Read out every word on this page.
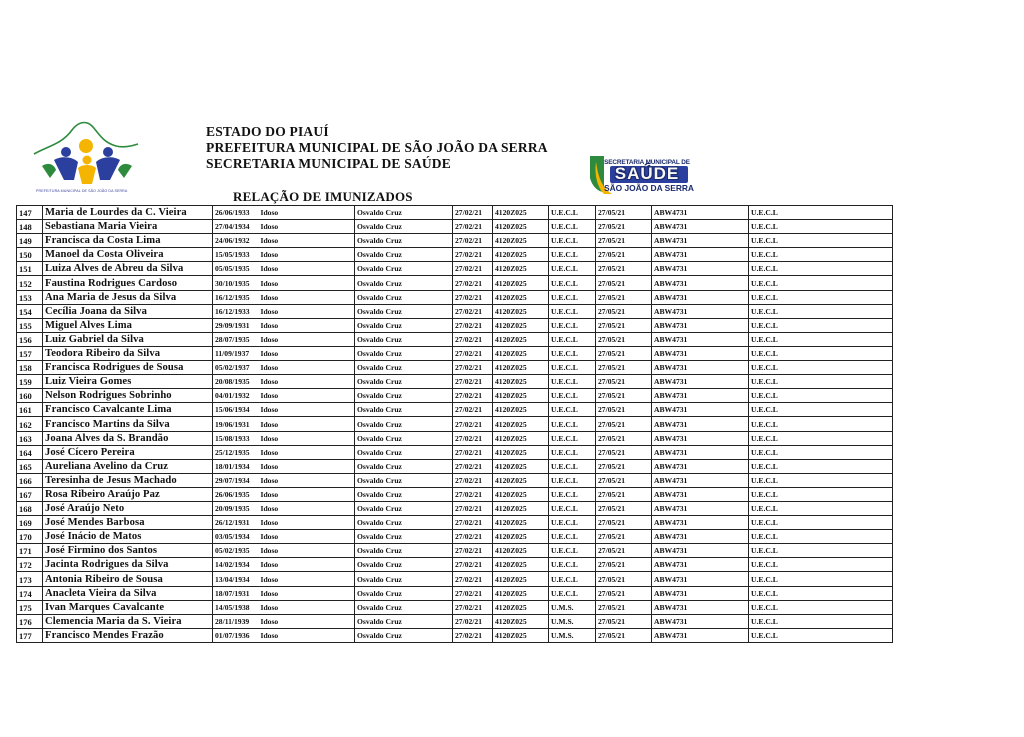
PREFEITURA MUNICIPAL DE SÃO JOÃO DA SERRA
ESTADO DO PIAUÍ
PREFEITURA MUNICIPAL DE SÃO JOÃO DA SERRA
SECRETARIA MUNICIPAL DE SAÚDE
RELAÇÃO DE IMUNIZADOS
SECRETARIA MUNICIPAL DE
SAÚDE
SÃO JOÃO DA SERRA
147	Maria de Lourdes da C. Vieira	26/06/1933	Idoso	Osvaldo Cruz	27/02/21	4120Z025	U.E.C.L	27/05/21	ABW4731	U.E.C.L
148	Sebastiana Maria Vieira	27/04/1934	Idoso	Osvaldo Cruz	27/02/21	4120Z025	U.E.C.L	27/05/21	ABW4731	U.E.C.L
149	Francisca da Costa Lima	24/06/1932	Idoso	Osvaldo Cruz	27/02/21	4120Z025	U.E.C.L	27/05/21	ABW4731	U.E.C.L
150	Manoel da Costa Oliveira	15/05/1933	Idoso	Osvaldo Cruz	27/02/21	4120Z025	U.E.C.L	27/05/21	ABW4731	U.E.C.L
151	Luiza Alves de Abreu da Silva	05/05/1935	Idoso	Osvaldo Cruz	27/02/21	4120Z025	U.E.C.L	27/05/21	ABW4731	U.E.C.L
152	Faustina Rodrigues Cardoso	30/10/1935	Idoso	Osvaldo Cruz	27/02/21	4120Z025	U.E.C.L	27/05/21	ABW4731	U.E.C.L
153	Ana Maria de Jesus da Silva	16/12/1935	Idoso	Osvaldo Cruz	27/02/21	4120Z025	U.E.C.L	27/05/21	ABW4731	U.E.C.L
154	Cecília Joana da Silva	16/12/1933	Idoso	Osvaldo Cruz	27/02/21	4120Z025	U.E.C.L	27/05/21	ABW4731	U.E.C.L
155	Miguel Alves Lima	29/09/1931	Idoso	Osvaldo Cruz	27/02/21	4120Z025	U.E.C.L	27/05/21	ABW4731	U.E.C.L
156	Luiz Gabriel da Silva	28/07/1935	Idoso	Osvaldo Cruz	27/02/21	4120Z025	U.E.C.L	27/05/21	ABW4731	U.E.C.L
157	Teodora Ribeiro da Silva	11/09/1937	Idoso	Osvaldo Cruz	27/02/21	4120Z025	U.E.C.L	27/05/21	ABW4731	U.E.C.L
158	Francisca Rodrigues de Sousa	05/02/1937	Idoso	Osvaldo Cruz	27/02/21	4120Z025	U.E.C.L	27/05/21	ABW4731	U.E.C.L
159	Luiz Vieira Gomes	20/08/1935	Idoso	Osvaldo Cruz	27/02/21	4120Z025	U.E.C.L	27/05/21	ABW4731	U.E.C.L
160	Nelson Rodrigues Sobrinho	04/01/1932	Idoso	Osvaldo Cruz	27/02/21	4120Z025	U.E.C.L	27/05/21	ABW4731	U.E.C.L
161	Francisco Cavalcante Lima	15/06/1934	Idoso	Osvaldo Cruz	27/02/21	4120Z025	U.E.C.L	27/05/21	ABW4731	U.E.C.L
162	Francisco Martins da Silva	19/06/1931	Idoso	Osvaldo Cruz	27/02/21	4120Z025	U.E.C.L	27/05/21	ABW4731	U.E.C.L
163	Joana Alves da S. Brandão	15/08/1933	Idoso	Osvaldo Cruz	27/02/21	4120Z025	U.E.C.L	27/05/21	ABW4731	U.E.C.L
164	José Cícero Pereira	25/12/1935	Idoso	Osvaldo Cruz	27/02/21	4120Z025	U.E.C.L	27/05/21	ABW4731	U.E.C.L
165	Aureliana Avelino da Cruz	18/01/1934	Idoso	Osvaldo Cruz	27/02/21	4120Z025	U.E.C.L	27/05/21	ABW4731	U.E.C.L
166	Teresinha de Jesus Machado	29/07/1934	Idoso	Osvaldo Cruz	27/02/21	4120Z025	U.E.C.L	27/05/21	ABW4731	U.E.C.L
167	Rosa Ribeiro Araújo Paz	26/06/1935	Idoso	Osvaldo Cruz	27/02/21	4120Z025	U.E.C.L	27/05/21	ABW4731	U.E.C.L
168	José Araújo Neto	20/09/1935	Idoso	Osvaldo Cruz	27/02/21	4120Z025	U.E.C.L	27/05/21	ABW4731	U.E.C.L
169	José Mendes Barbosa	26/12/1931	Idoso	Osvaldo Cruz	27/02/21	4120Z025	U.E.C.L	27/05/21	ABW4731	U.E.C.L
170	José Inácio de Matos	03/05/1934	Idoso	Osvaldo Cruz	27/02/21	4120Z025	U.E.C.L	27/05/21	ABW4731	U.E.C.L
171	José Firmino dos Santos	05/02/1935	Idoso	Osvaldo Cruz	27/02/21	4120Z025	U.E.C.L	27/05/21	ABW4731	U.E.C.L
172	Jacinta Rodrigues da Silva	14/02/1934	Idoso	Osvaldo Cruz	27/02/21	4120Z025	U.E.C.L	27/05/21	ABW4731	U.E.C.L
173	Antonia Ribeiro de Sousa	13/04/1934	Idoso	Osvaldo Cruz	27/02/21	4120Z025	U.E.C.L	27/05/21	ABW4731	U.E.C.L
174	Anacleta Vieira da Silva	18/07/1931	Idoso	Osvaldo Cruz	27/02/21	4120Z025	U.E.C.L	27/05/21	ABW4731	U.E.C.L
175	Ivan Marques Cavalcante	14/05/1938	Idoso	Osvaldo Cruz	27/02/21	4120Z025	U.M.S.	27/05/21	ABW4731	U.E.C.L
176	Clemencia Maria da S. Vieira	28/11/1939	Idoso	Osvaldo Cruz	27/02/21	4120Z025	U.M.S.	27/05/21	ABW4731	U.E.C.L
177	Francisco Mendes Frazão	01/07/1936	Idoso	Osvaldo Cruz	27/02/21	4120Z025	U.M.S.	27/05/21	ABW4731	U.E.C.L
